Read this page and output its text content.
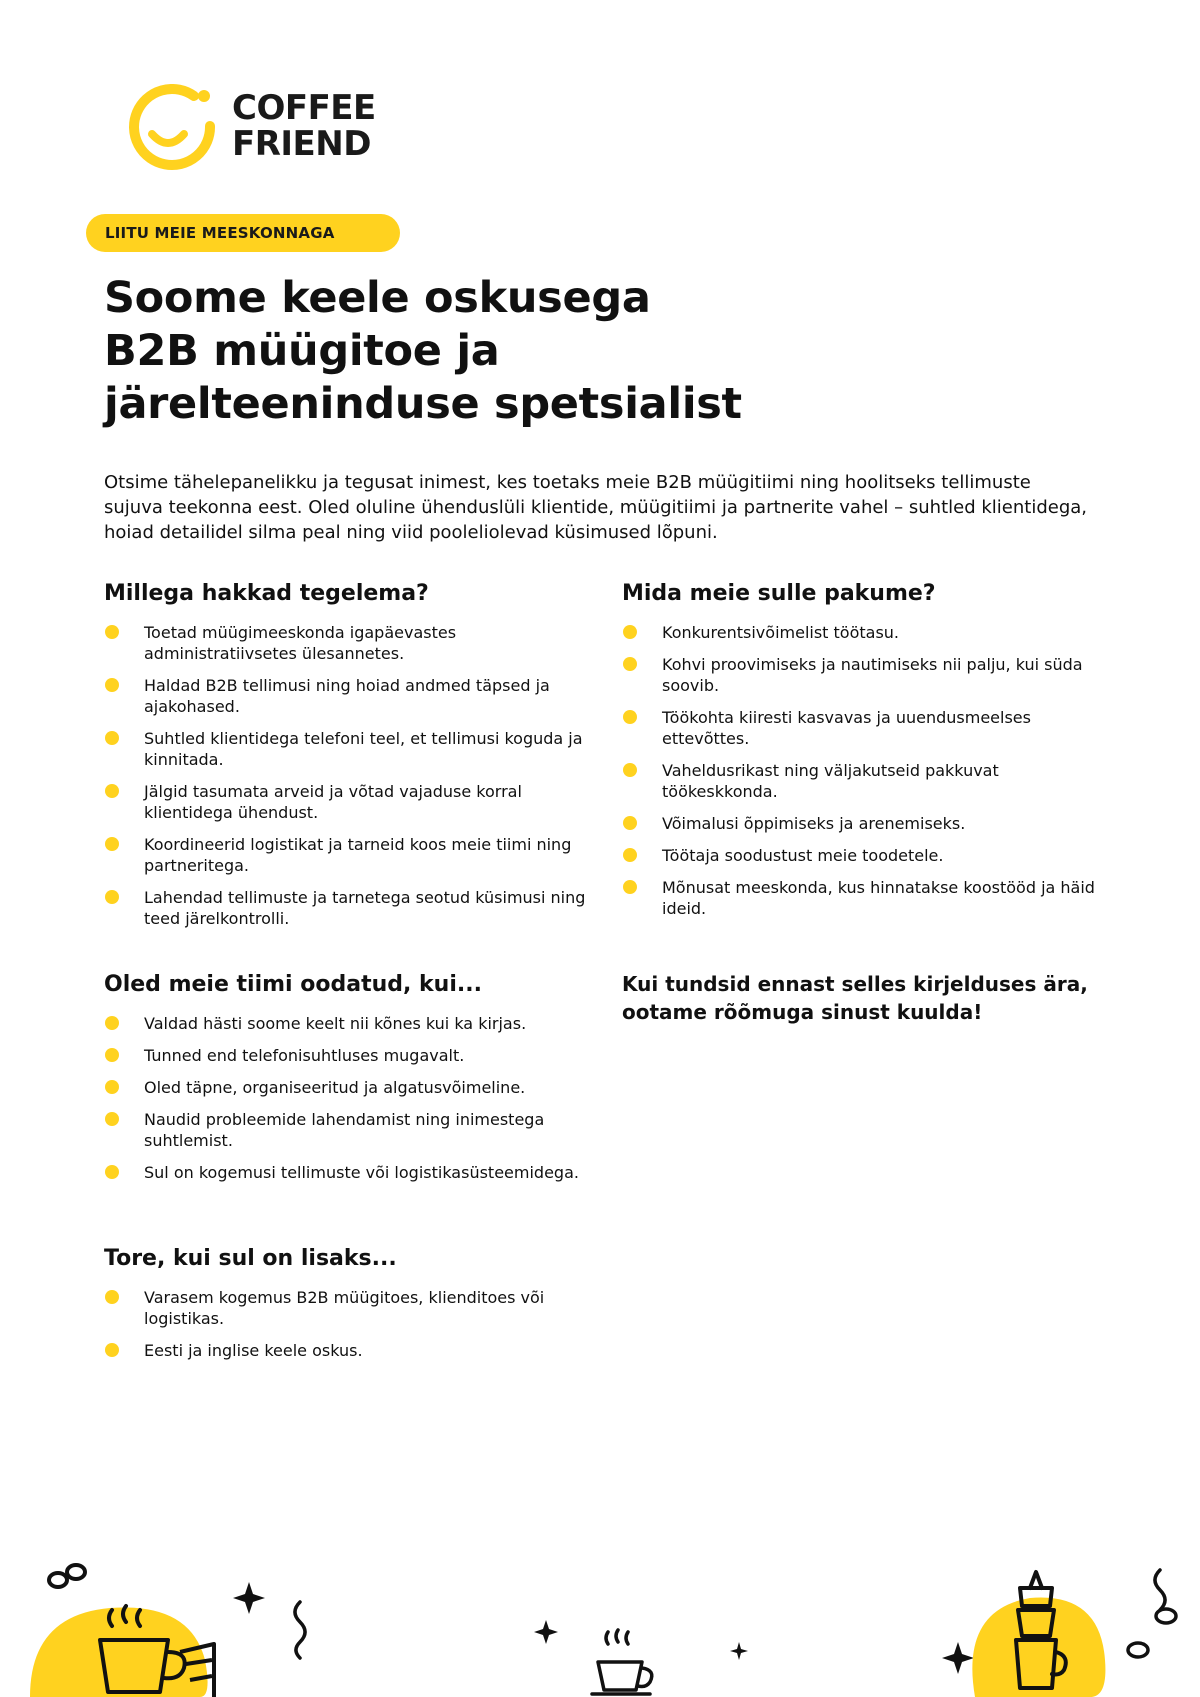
COFFEE
FRIEND
LIITU MEIE MEESKONNAGA
Soome keele oskusega
B2B müügitoe ja
järelteeninduse spetsialist

Otsime tähelepanelikku ja tegusat inimest, kes toetaks meie B2B müügitiimi ning hoolitseks tellimuste sujuva teekonna eest. Oled oluline ühenduslüli klientide, müügitiimi ja partnerite vahel – suhtled klientidega, hoiad detailidel silma peal ning viid pooleliolevad küsimused lõpuni.

Millega hakkad tegelema?
Toetad müügimeeskonda igapäevastes administratiivsetes ülesannetes.
Haldad B2B tellimusi ning hoiad andmed täpsed ja ajakohased.
Suhtled klientidega telefoni teel, et tellimusi koguda ja kinnitada.
Jälgid tasumata arveid ja võtad vajaduse korral klientidega ühendust.
Koordineerid logistikat ja tarneid koos meie tiimi ning partneritega.
Lahendad tellimuste ja tarnetega seotud küsimusi ning teed järelkontrolli.
Oled meie tiimi oodatud, kui...
Valdad hästi soome keelt nii kõnes kui ka kirjas.
Tunned end telefonisuhtluses mugavalt.
Oled täpne, organiseeritud ja algatusvõimeline.
Naudid probleemide lahendamist ning inimestega suhtlemist.
Sul on kogemusi tellimuste või logistikasüsteemidega.
Tore, kui sul on lisaks...
Varasem kogemus B2B müügitoes, klienditoes või logistikas.
Eesti ja inglise keele oskus.
Mida meie sulle pakume?
Konkurentsivõimelist töötasu.
Kohvi proovimiseks ja nautimiseks nii palju, kui süda soovib.
Töökohta kiiresti kasvavas ja uuendusmeelses ettevõttes.
Vaheldusrikast ning väljakutseid pakkuvat töökeskkonda.
Võimalusi õppimiseks ja arenemiseks.
Töötaja soodustust meie toodetele.
Mõnusat meeskonda, kus hinnatakse koostööd ja häid ideid.
Kui tundsid ennast selles kirjelduses ära,
ootame rõõmuga sinust kuulda!
